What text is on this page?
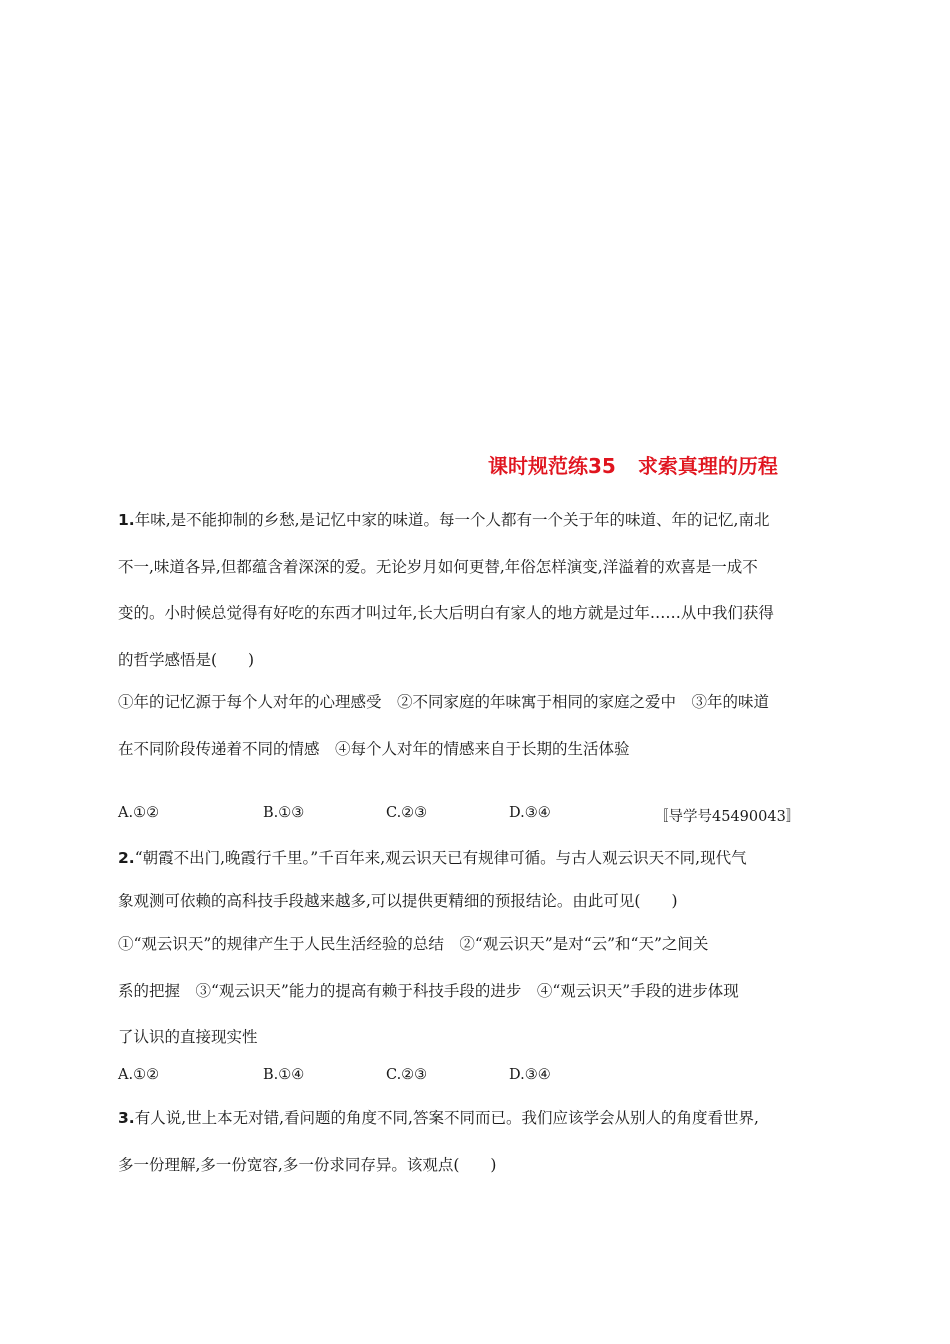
课时规范练35 求索真理的历程
1.年味,是不能抑制的乡愁,是记忆中家的味道。每一个人都有一个关于年的味道、年的记忆,南北
不一,味道各异,但都蕴含着深深的爱。无论岁月如何更替,年俗怎样演变,洋溢着的欢喜是一成不
变的。小时候总觉得有好吃的东西才叫过年,长大后明白有家人的地方就是过年……从中我们获得
的哲学感悟是(　　)
①年的记忆源于每个人对年的心理感受　②不同家庭的年味寓于相同的家庭之爱中　③年的味道
在不同阶段传递着不同的情感　④每个人对年的情感来自于长期的生活体验
A.①②	B.①③	C.②③	D.③④	〚导学号45490043〛
2.“朝霞不出门,晚霞行千里。”千百年来,观云识天已有规律可循。与古人观云识天不同,现代气
象观测可依赖的高科技手段越来越多,可以提供更精细的预报结论。由此可见(　　)
①“观云识天”的规律产生于人民生活经验的总结　②“观云识天”是对“云”和“天”之间关
系的把握　③“观云识天”能力的提高有赖于科技手段的进步　④“观云识天”手段的进步体现
了认识的直接现实性
A.①②	B.①④	C.②③	D.③④
3.有人说,世上本无对错,看问题的角度不同,答案不同而已。我们应该学会从别人的角度看世界,
多一份理解,多一份宽容,多一份求同存异。该观点(　　)
